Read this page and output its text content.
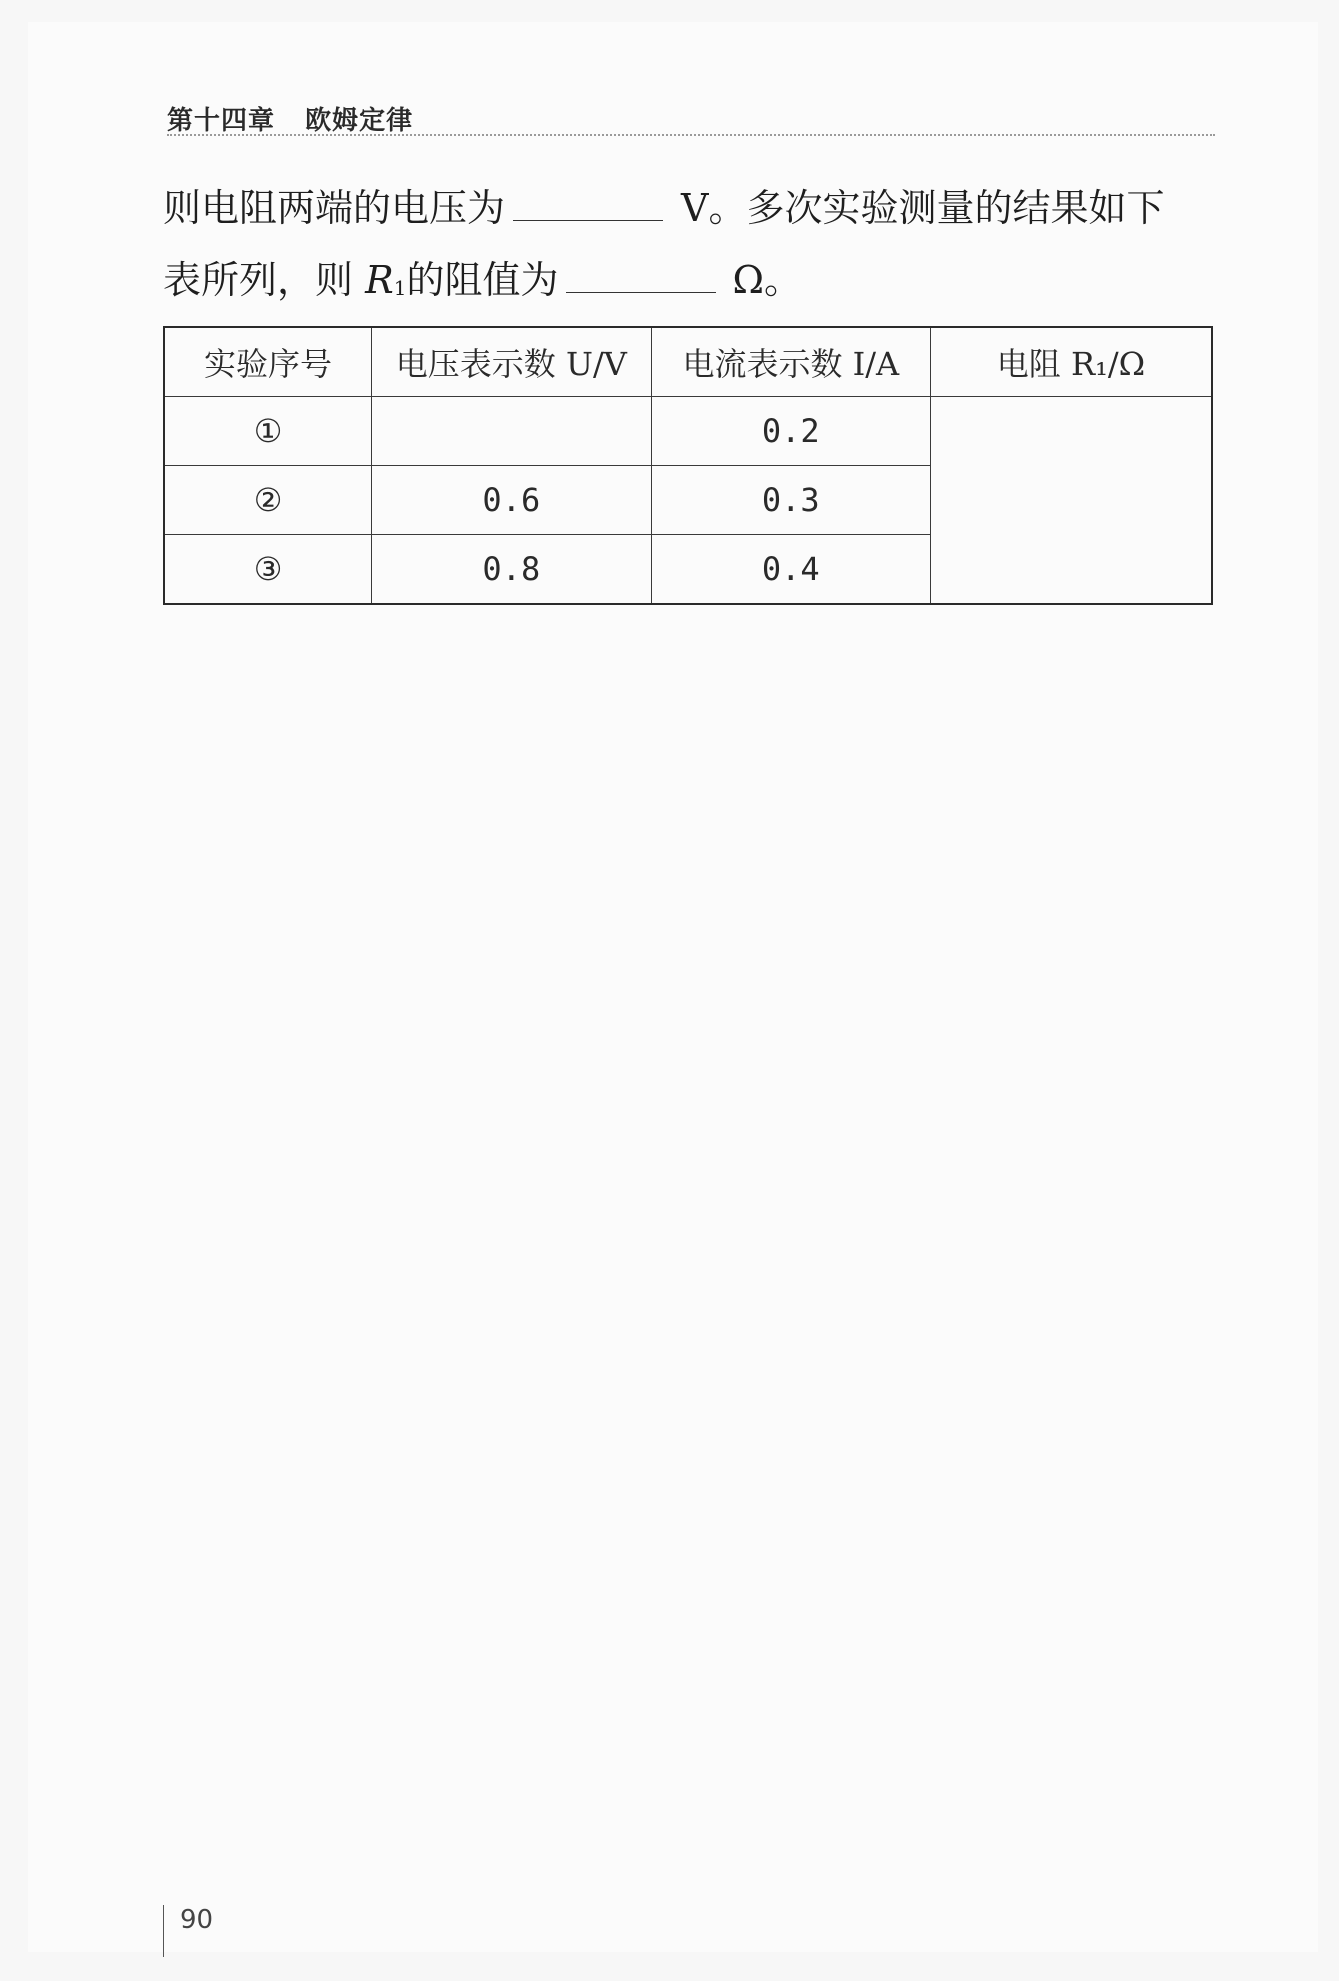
第十四章 欧姆定律
则电阻两端的电压为	V。多次实验测量的结果如下
表所列，则 R1的阻值为	Ω。
实验序号	电压表示数 U/V	电流表示数 I/A	电阻 R₁/Ω
①		0.2	
②	0.6	0.3	
③	0.8	0.4	
90
